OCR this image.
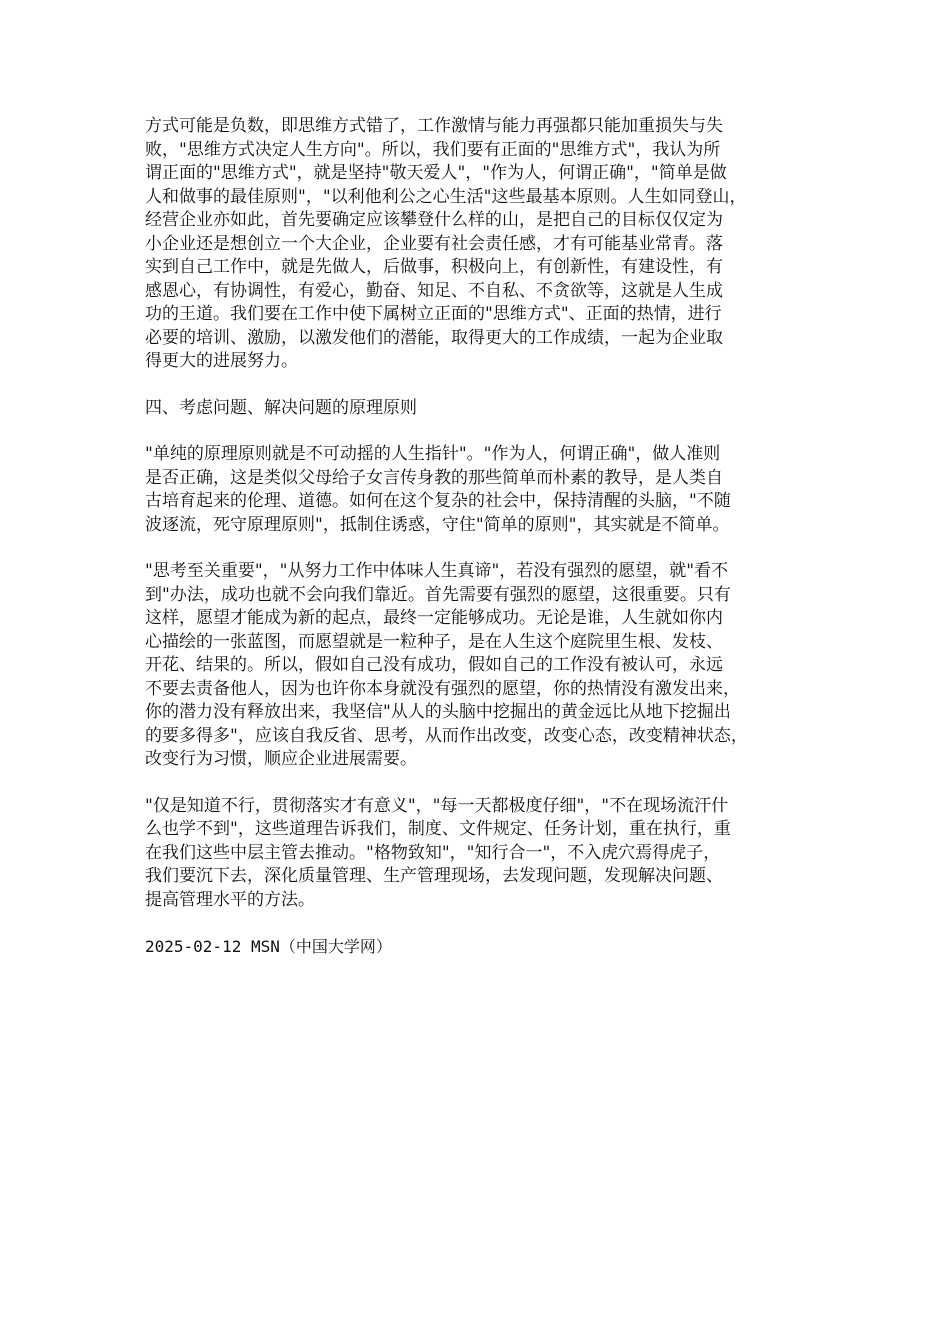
方式可能是负数，即思维方式错了，工作激情与能力再强都只能加重损失与失
败，"思维方式决定人生方向"。所以，我们要有正面的"思维方式"，我认为所
谓正面的"思维方式"，就是坚持"敬天爱人"，"作为人，何谓正确"，"简单是做
人和做事的最佳原则"，"以利他利公之心生活"这些最基本原则。人生如同登山，
经营企业亦如此，首先要确定应该攀登什么样的山，是把自己的目标仅仅定为
小企业还是想创立一个大企业，企业要有社会责任感，才有可能基业常青。落
实到自己工作中，就是先做人，后做事，积极向上，有创新性，有建设性，有
感恩心，有协调性，有爱心，勤奋、知足、不自私、不贪欲等，这就是人生成
功的王道。我们要在工作中使下属树立正面的"思维方式"、正面的热情，进行
必要的培训、激励，以激发他们的潜能，取得更大的工作成绩，一起为企业取
得更大的进展努力。

四、考虑问题、解决问题的原理原则

"单纯的原理原则就是不可动摇的人生指针"。"作为人，何谓正确"，做人准则
是否正确，这是类似父母给子女言传身教的那些简单而朴素的教导，是人类自
古培育起来的伦理、道德。如何在这个复杂的社会中，保持清醒的头脑，"不随
波逐流，死守原理原则"，抵制住诱惑，守住"简单的原则"，其实就是不简单。

"思考至关重要"，"从努力工作中体味人生真谛"，若没有强烈的愿望，就"看不
到"办法，成功也就不会向我们靠近。首先需要有强烈的愿望，这很重要。只有
这样，愿望才能成为新的起点，最终一定能够成功。无论是谁，人生就如你内
心描绘的一张蓝图，而愿望就是一粒种子，是在人生这个庭院里生根、发枝、
开花、结果的。所以，假如自己没有成功，假如自己的工作没有被认可，永远
不要去责备他人，因为也许你本身就没有强烈的愿望，你的热情没有激发出来，
你的潜力没有释放出来，我坚信"从人的头脑中挖掘出的黄金远比从地下挖掘出
的要多得多"，应该自我反省、思考，从而作出改变，改变心态，改变精神状态，
改变行为习惯，顺应企业进展需要。

"仅是知道不行，贯彻落实才有意义"，"每一天都极度仔细"，"不在现场流汗什
么也学不到"，这些道理告诉我们，制度、文件规定、任务计划，重在执行，重
在我们这些中层主管去推动。"格物致知"，"知行合一"，不入虎穴焉得虎子，
我们要沉下去，深化质量管理、生产管理现场，去发现问题，发现解决问题、
提高管理水平的方法。

2025-02-12 MSN（中国大学网）
